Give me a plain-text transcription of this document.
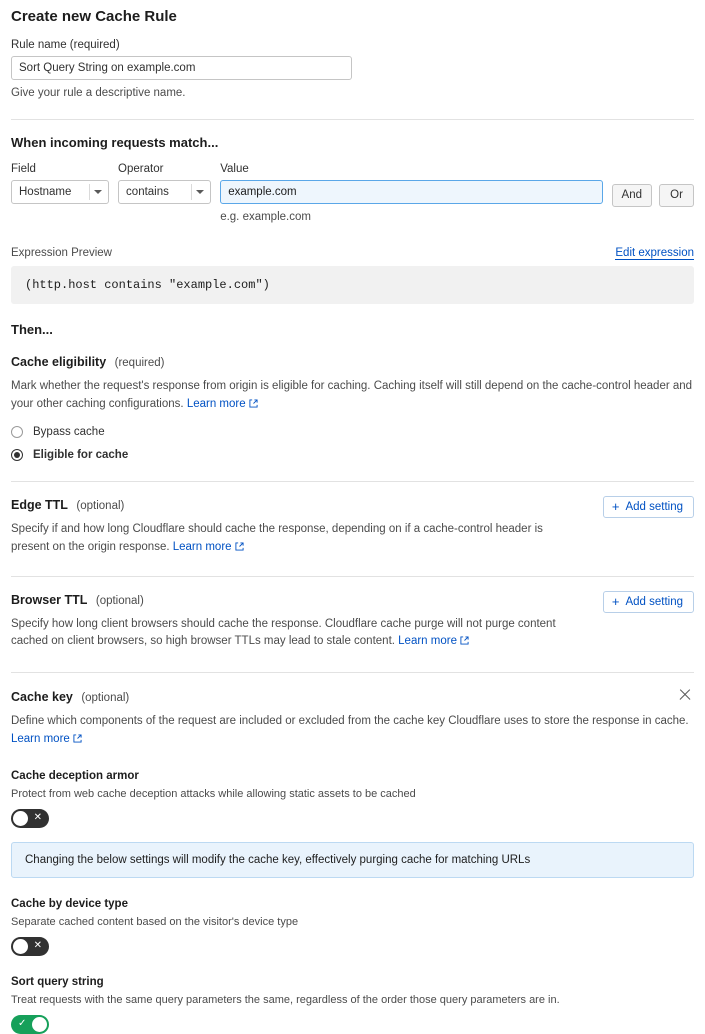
Create new Cache Rule
Rule name (required)
Sort Query String on example.com
Give your rule a descriptive name.
When incoming requests match...
Field
Hostname
Operator
contains
Value
example.com
e.g. example.com
And	Or
Expression Preview	Edit expression
(http.host contains "example.com")
Then...
Cache eligibility (required)
Mark whether the request's response from origin is eligible for caching. Caching itself will still depend on the cache-control header and your other caching configurations. Learn more
Bypass cache
Eligible for cache
Edge TTL (optional)
Specify if and how long Cloudflare should cache the response, depending on if a cache-control header is present on the origin response. Learn more
+ Add setting
Browser TTL (optional)
Specify how long client browsers should cache the response. Cloudflare cache purge will not purge content cached on client browsers, so high browser TTLs may lead to stale content. Learn more
+ Add setting
Cache key (optional)
Define which components of the request are included or excluded from the cache key Cloudflare uses to store the response in cache.
Learn more
Cache deception armor
Protect from web cache deception attacks while allowing static assets to be cached
✕
Changing the below settings will modify the cache key, effectively purging cache for matching URLs
Cache by device type
Separate cached content based on the visitor's device type
✕
Sort query string
Treat requests with the same query parameters the same, regardless of the order those query parameters are in.
✓
